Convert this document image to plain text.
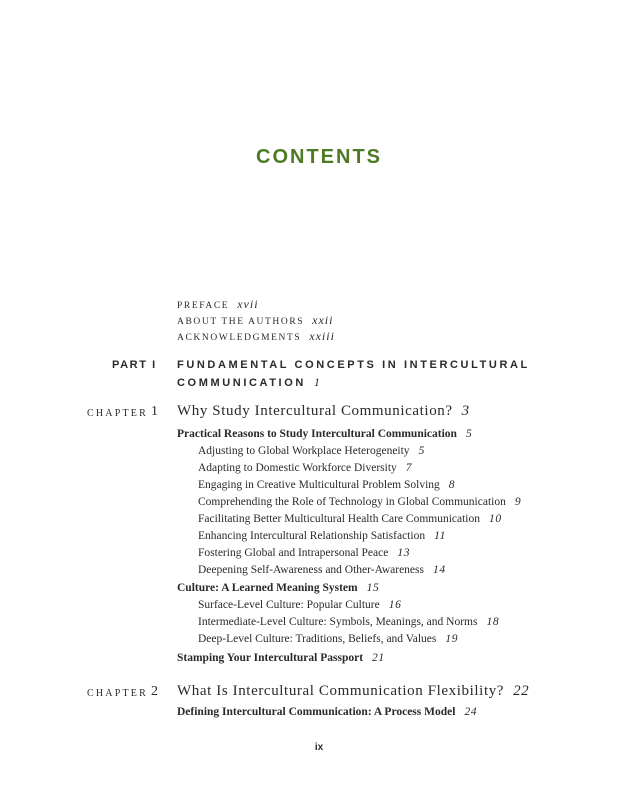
CONTENTS
PREFACE xvii
ABOUT THE AUTHORS xxii
ACKNOWLEDGMENTS xxiii
PART I FUNDAMENTAL CONCEPTS IN INTERCULTURAL
COMMUNICATION 1
CHAPTER 1 Why Study Intercultural Communication? 3
Practical Reasons to Study Intercultural Communication 5
Adjusting to Global Workplace Heterogeneity 5
Adapting to Domestic Workforce Diversity 7
Engaging in Creative Multicultural Problem Solving 8
Comprehending the Role of Technology in Global Communication 9
Facilitating Better Multicultural Health Care Communication 10
Enhancing Intercultural Relationship Satisfaction 11
Fostering Global and Intrapersonal Peace 13
Deepening Self-Awareness and Other-Awareness 14
Culture: A Learned Meaning System 15
Surface-Level Culture: Popular Culture 16
Intermediate-Level Culture: Symbols, Meanings, and Norms 18
Deep-Level Culture: Traditions, Beliefs, and Values 19
Stamping Your Intercultural Passport 21
CHAPTER 2 What Is Intercultural Communication Flexibility? 22
Defining Intercultural Communication: A Process Model 24
ix
